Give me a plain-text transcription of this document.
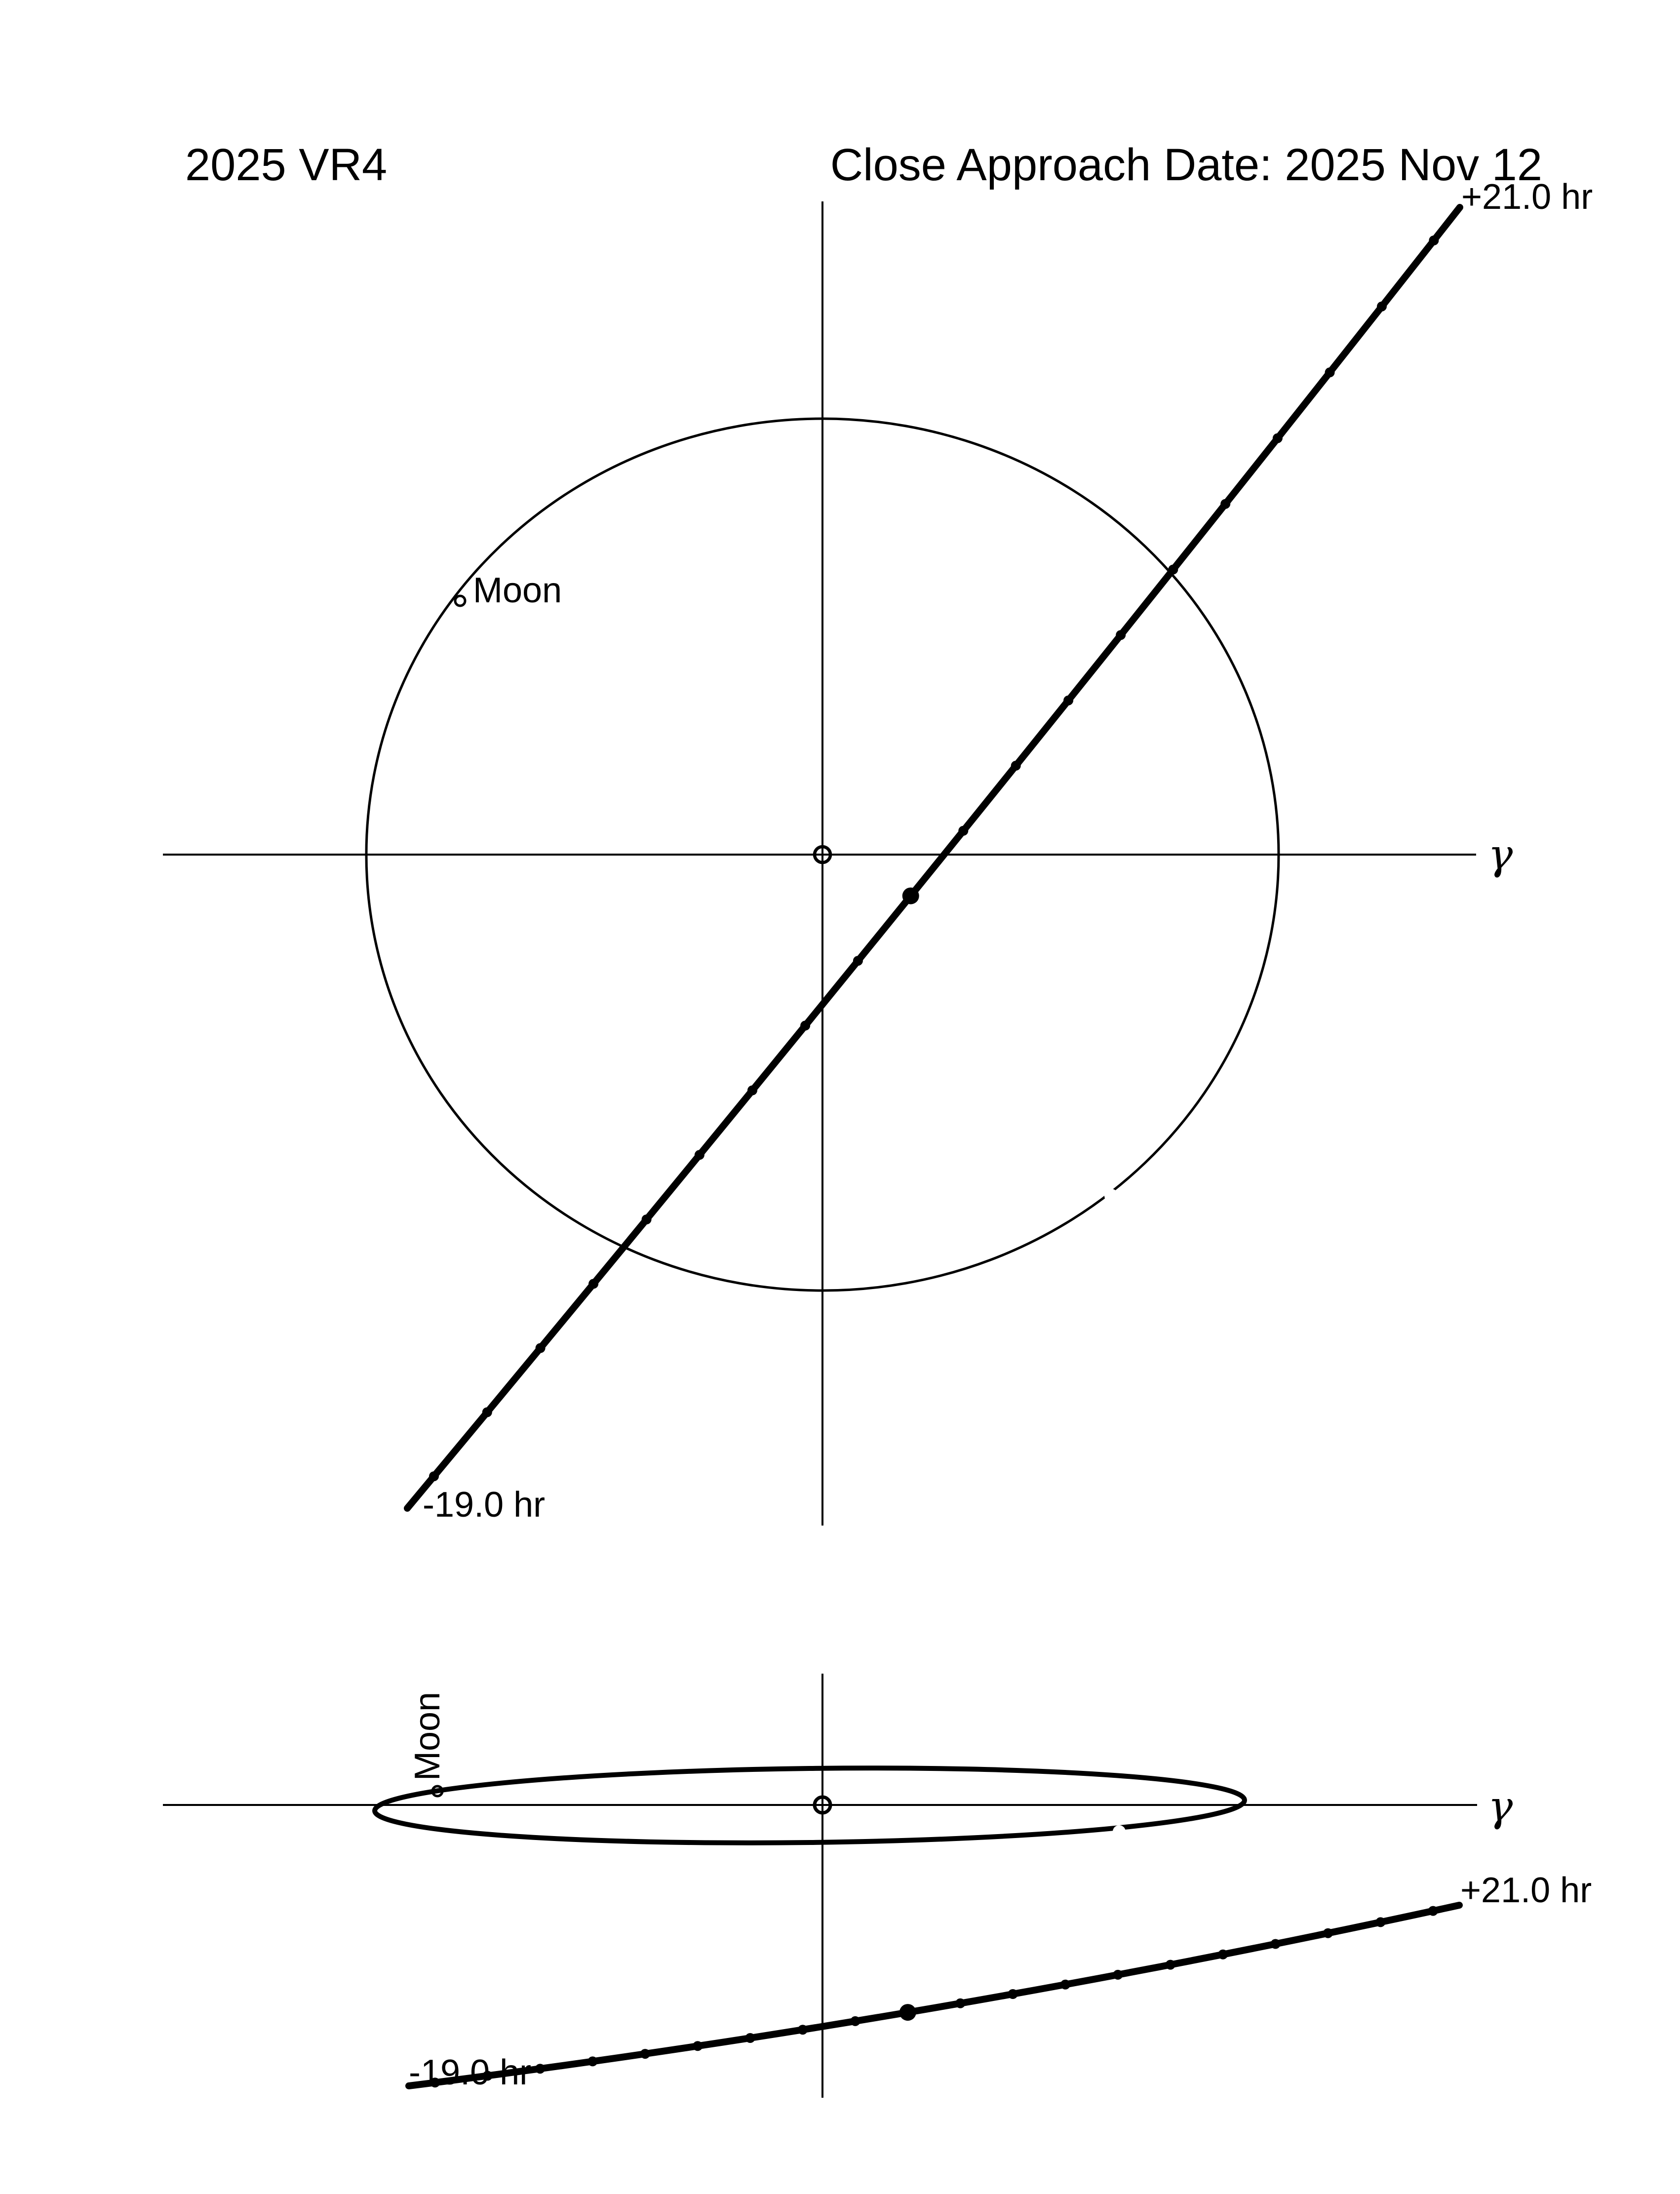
2025 VR4	Close Approach Date: 2025 Nov 12
-19.0 hr
+21.0 hr
γ
Moon
-19.0 hr
+21.0 hr
γ
Moon
